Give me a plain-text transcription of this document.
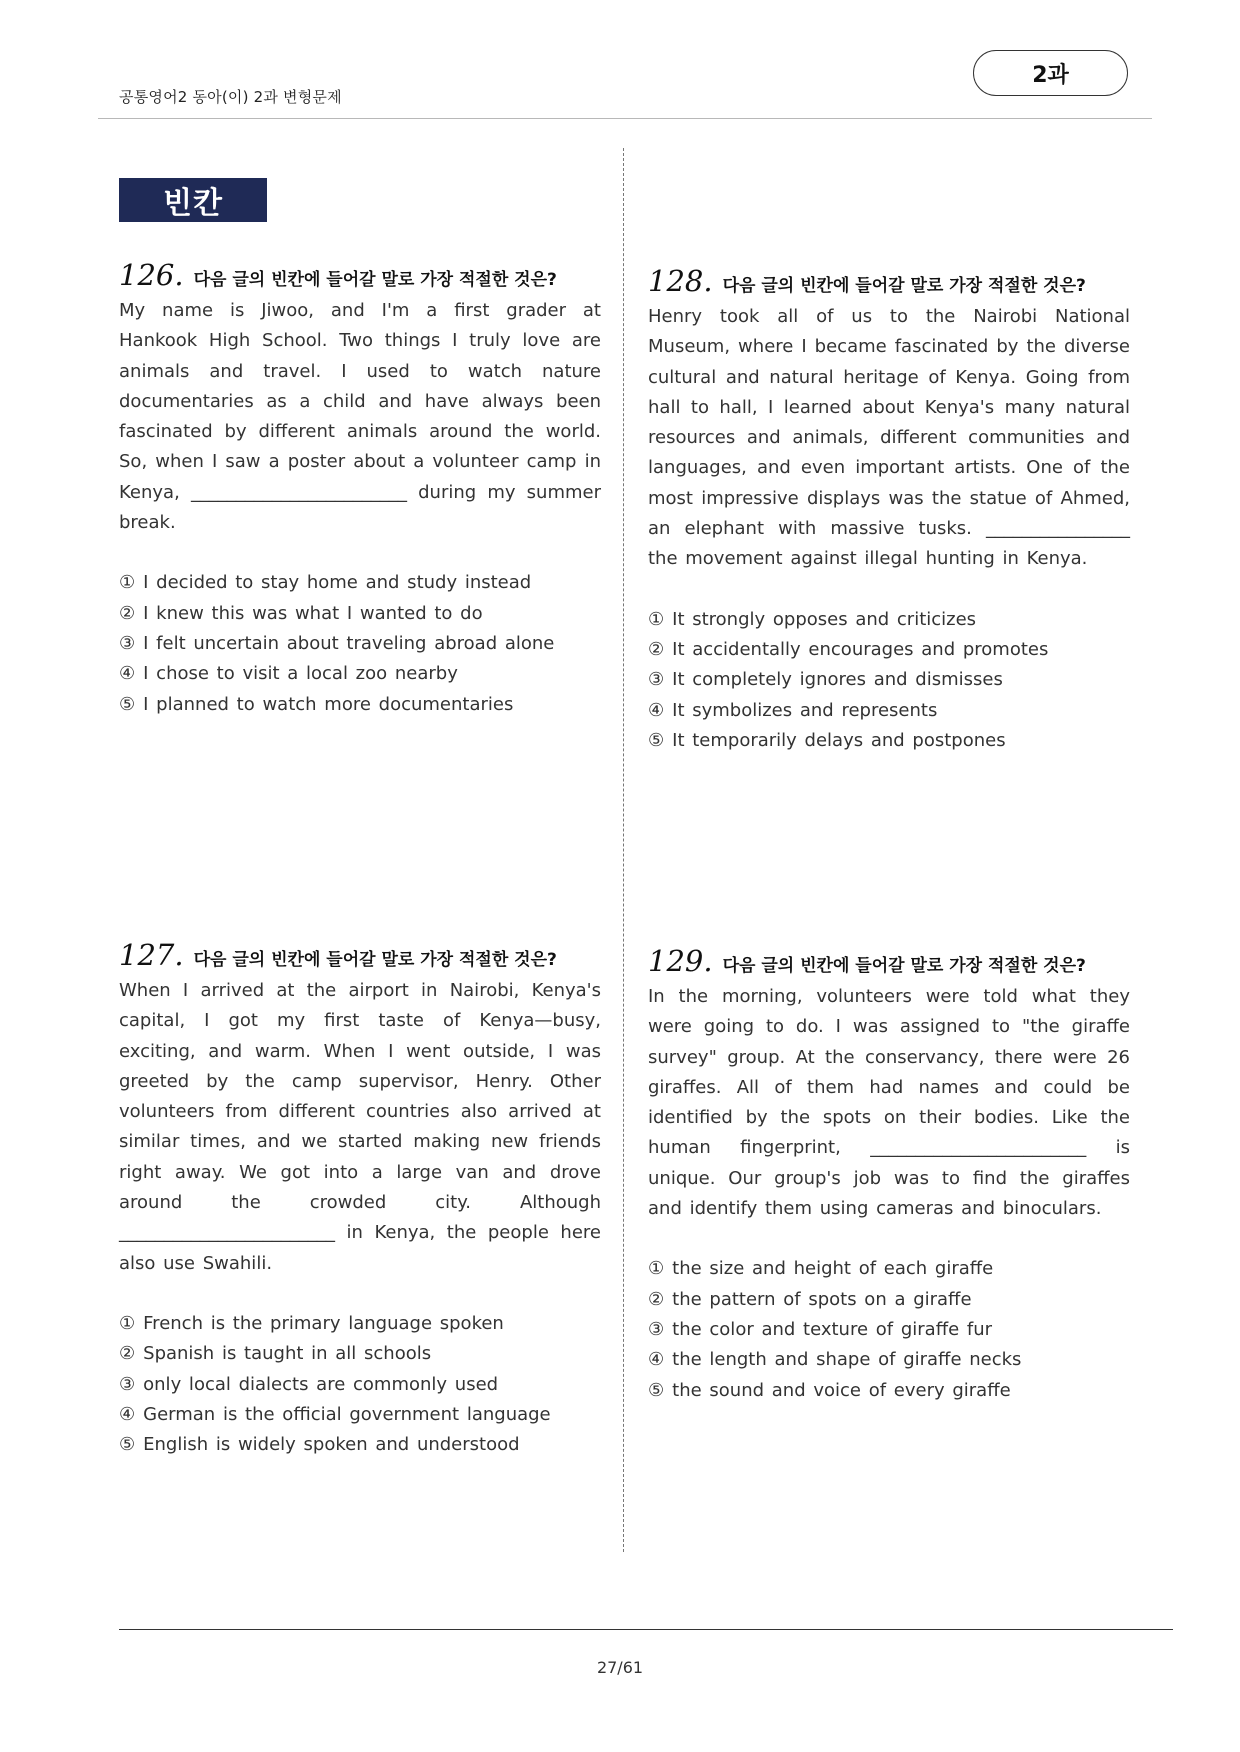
공통영어2 동아(이) 2과 변형문제
2과
빈칸
126. 다음 글의 빈칸에 들어갈 말로 가장 적절한 것은?
My name is Jiwoo, and I'm a first grader at Hankook High School. Two things I truly love are animals and travel. I used to watch nature documentaries as a child and have always been fascinated by different animals around the world. So, when I saw a poster about a volunteer camp in Kenya, ________________________ during my summer break.
① I decided to stay home and study instead
② I knew this was what I wanted to do
③ I felt uncertain about traveling abroad alone
④ I chose to visit a local zoo nearby
⑤ I planned to watch more documentaries
127. 다음 글의 빈칸에 들어갈 말로 가장 적절한 것은?
When I arrived at the airport in Nairobi, Kenya's capital, I got my first taste of Kenya—busy, exciting, and warm. When I went outside, I was greeted by the camp supervisor, Henry. Other volunteers from different countries also arrived at similar times, and we started making new friends right away. We got into a large van and drove around the crowded city. Although ________________________ in Kenya, the people here also use Swahili.
① French is the primary language spoken
② Spanish is taught in all schools
③ only local dialects are commonly used
④ German is the official government language
⑤ English is widely spoken and understood
128. 다음 글의 빈칸에 들어갈 말로 가장 적절한 것은?
Henry took all of us to the Nairobi National Museum, where I became fascinated by the diverse cultural and natural heritage of Kenya. Going from hall to hall, I learned about Kenya's many natural resources and animals, different communities and languages, and even important artists. One of the most impressive displays was the statue of Ahmed, an elephant with massive tusks. ________________ the movement against illegal hunting in Kenya.
① It strongly opposes and criticizes
② It accidentally encourages and promotes
③ It completely ignores and dismisses
④ It symbolizes and represents
⑤ It temporarily delays and postpones
129. 다음 글의 빈칸에 들어갈 말로 가장 적절한 것은?
In the morning, volunteers were told what they were going to do. I was assigned to "the giraffe survey" group. At the conservancy, there were 26 giraffes. All of them had names and could be identified by the spots on their bodies. Like the human fingerprint, ________________________ is unique. Our group's job was to find the giraffes and identify them using cameras and binoculars.
① the size and height of each giraffe
② the pattern of spots on a giraffe
③ the color and texture of giraffe fur
④ the length and shape of giraffe necks
⑤ the sound and voice of every giraffe
27/61
